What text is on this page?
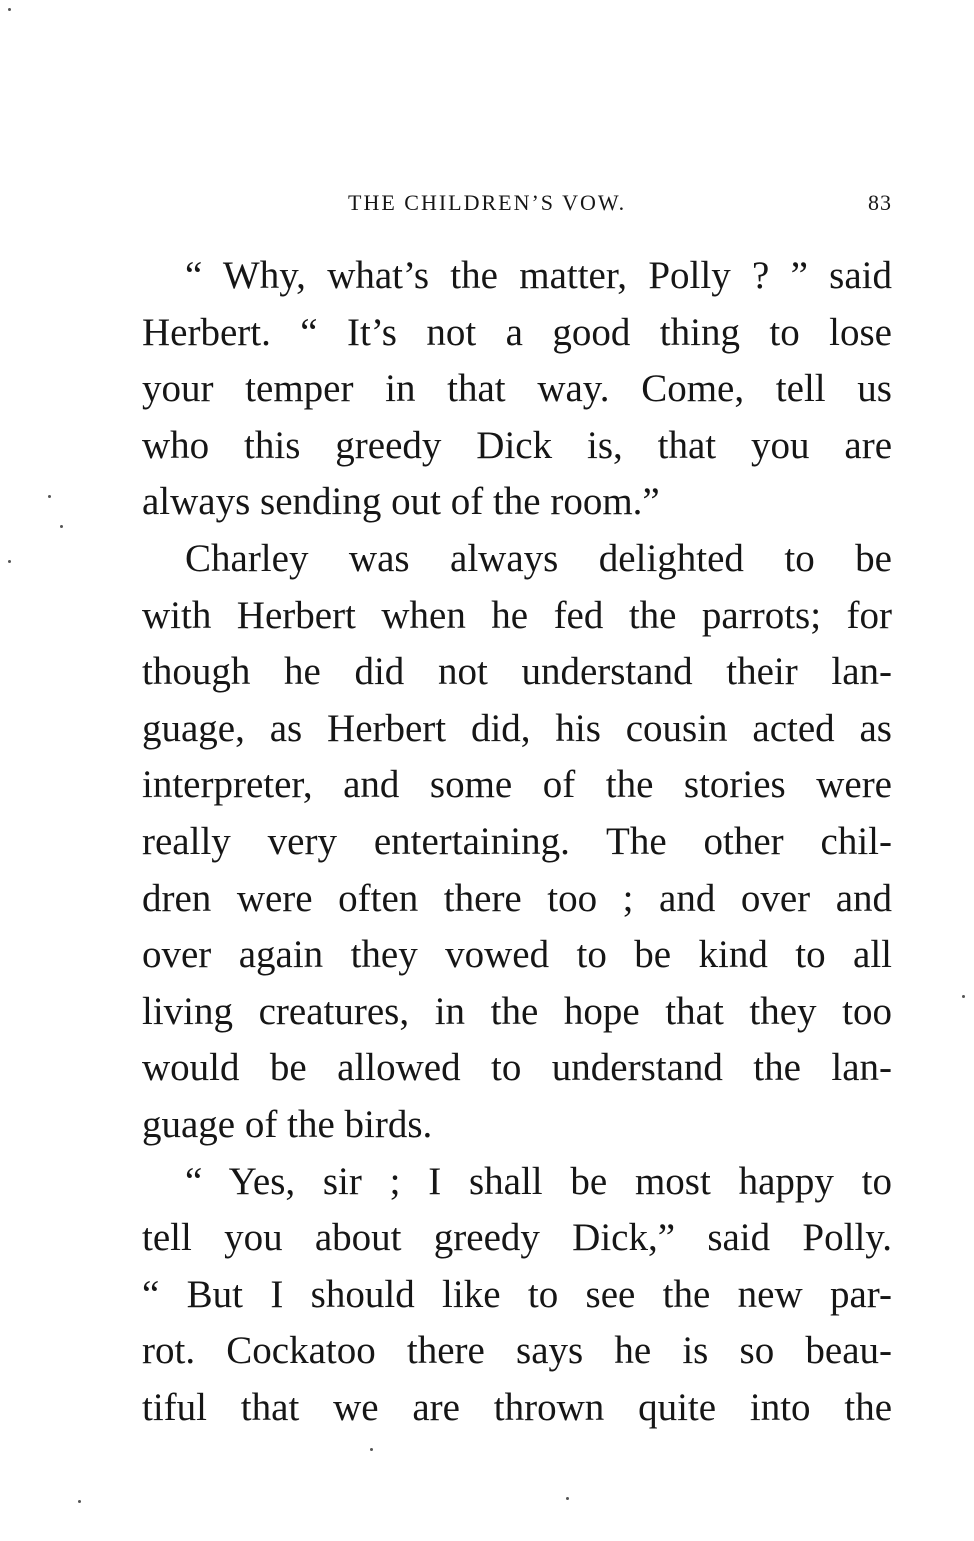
THE CHILDREN’S VOW.	83
“ Why, what’s the matter, Polly ? ” said
Herbert. “ It’s not a good thing to lose
your temper in that way. Come, tell us
who this greedy Dick is, that you are
always sending out of the room.”
Charley was always delighted to be
with Herbert when he fed the parrots; for
though he did not understand their lan-
guage, as Herbert did, his cousin acted as
interpreter, and some of the stories were
really very entertaining. The other chil-
dren were often there too ; and over and
over again they vowed to be kind to all
living creatures, in the hope that they too
would be allowed to understand the lan-
guage of the birds.
“ Yes, sir ; I shall be most happy to
tell you about greedy Dick,” said Polly.
“ But I should like to see the new par-
rot. Cockatoo there says he is so beau-
tiful that we are thrown quite into the
